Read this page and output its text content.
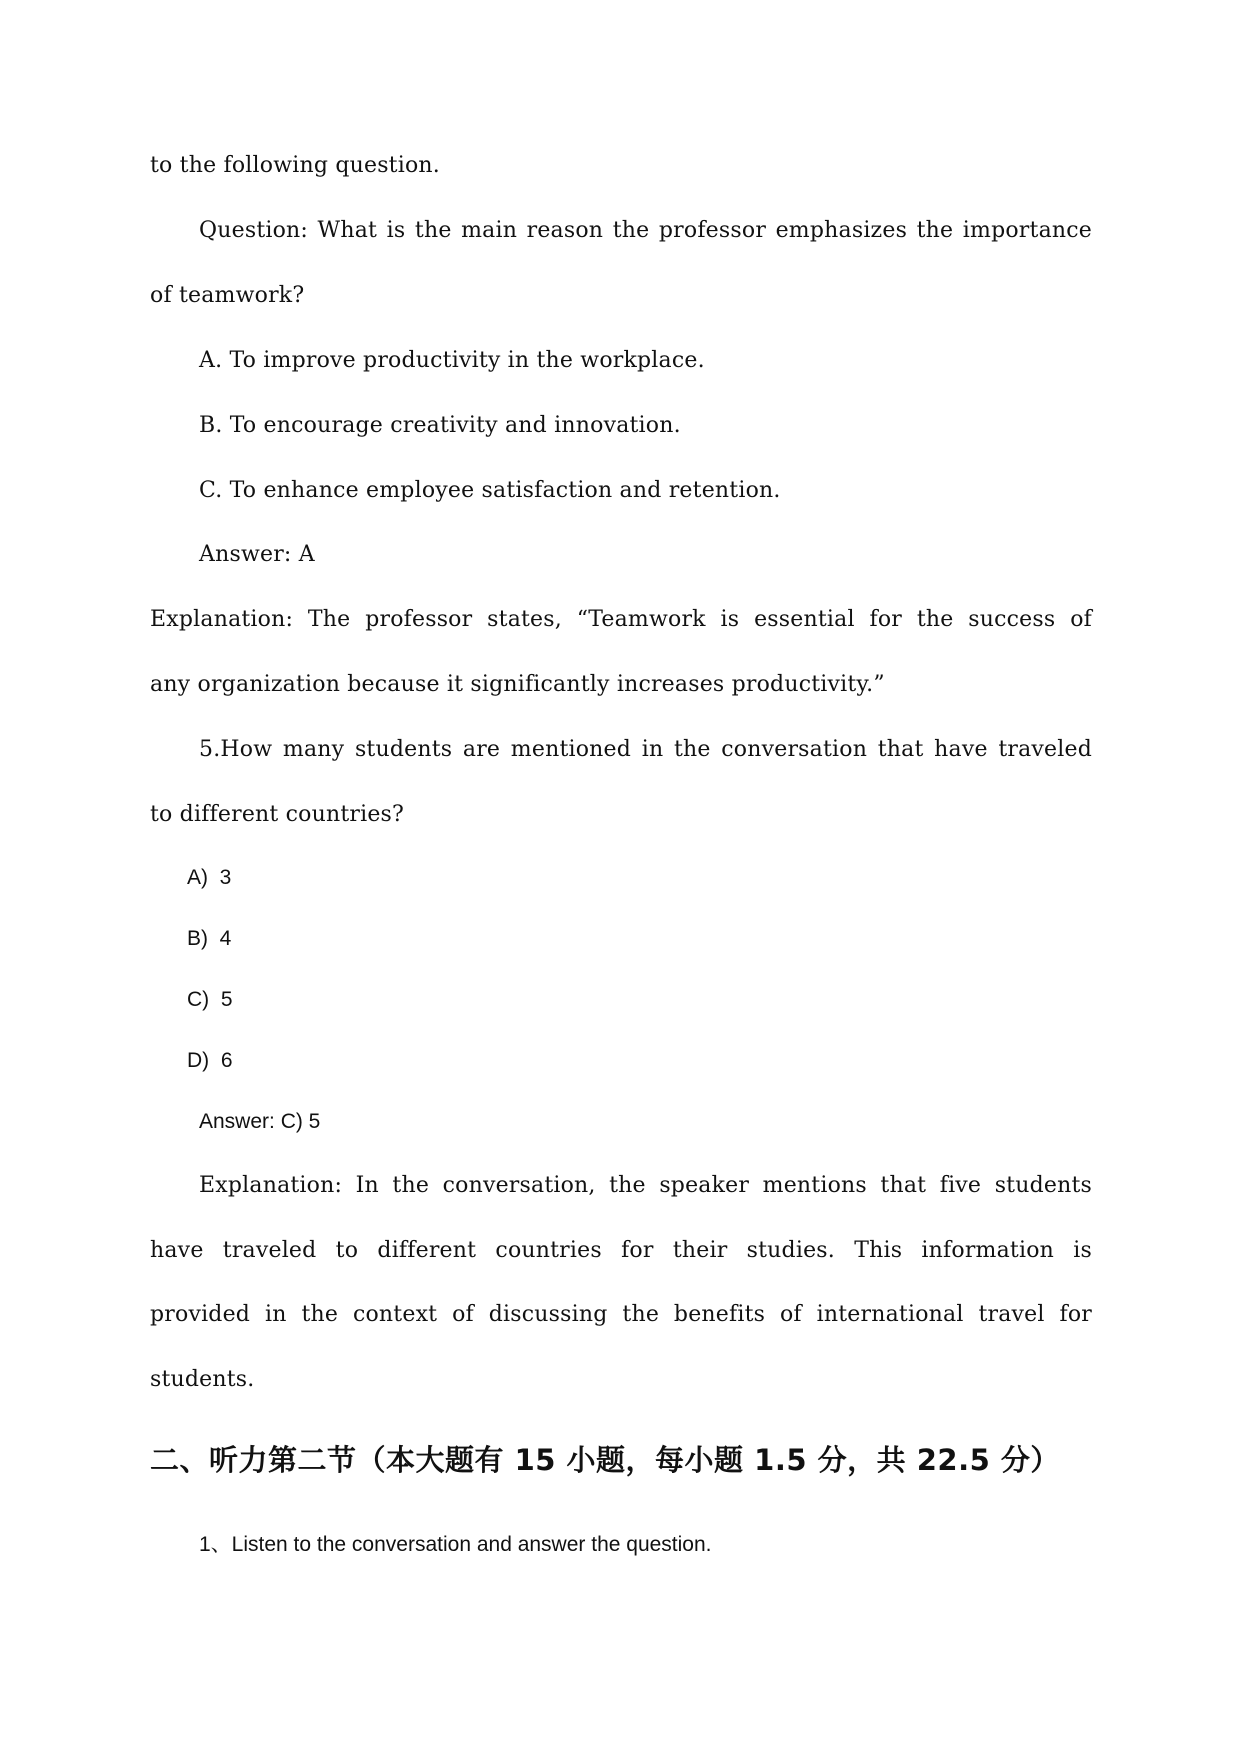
to the following question.
Question: What is the main reason the professor emphasizes the importance
of teamwork?
A. To improve productivity in the workplace.
B. To encourage creativity and innovation.
C. To enhance employee satisfaction and retention.
Answer: A
Explanation: The professor states, “Teamwork is essential for the success of
any organization because it significantly increases productivity.”
5.How many students are mentioned in the conversation that have traveled
to different countries?
A)  3
B)  4
C)  5
D)  6
Answer: C) 5
Explanation: In the conversation, the speaker mentions that five students
have traveled to different countries for their studies. This information is
provided in the context of discussing the benefits of international travel for
students.
二、听力第二节（本大题有 15 小题，每小题 1.5 分，共 22.5 分）
1、Listen to the conversation and answer the question.
